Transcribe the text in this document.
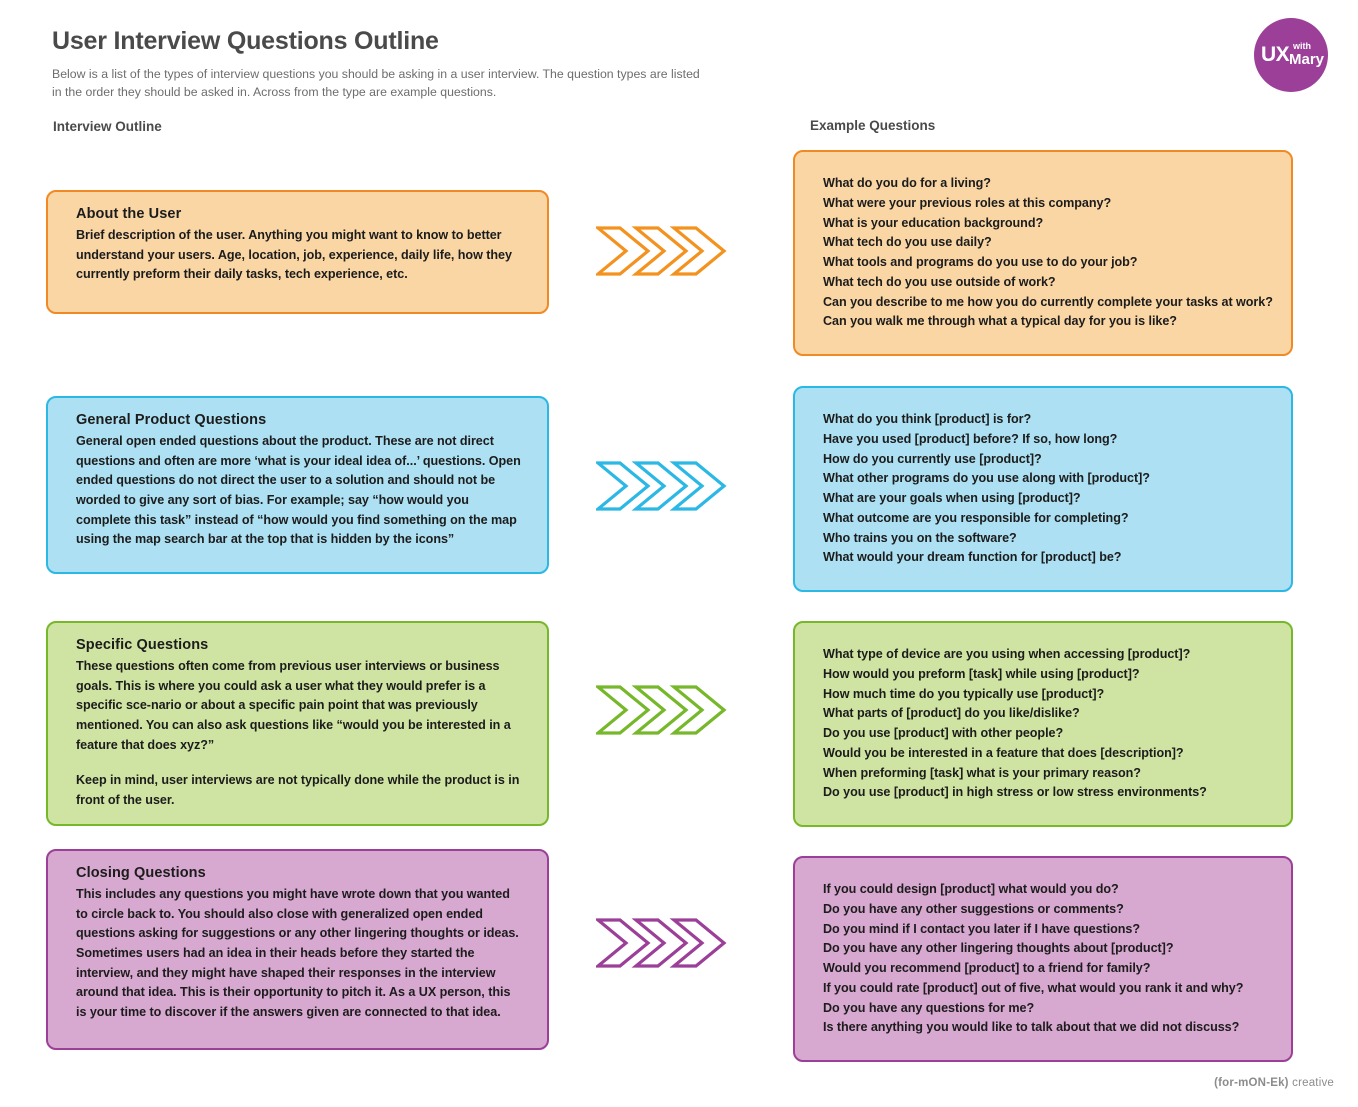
User Interview Questions Outline
Below is a list of the types of interview questions you should be asking in a user interview. The question types are listed in the order they should be asked in. Across from the type are example questions.
UX with
Mary
Interview Outline	Example Questions
About the User

Brief description of the user. Anything you might want to know to better understand your users. Age, location, job, experience, daily life, how they currently preform their daily tasks, tech experience, etc.

What do you do for a living?
What were your previous roles at this company?
What is your education background?
What tech do you use daily?
What tools and programs do you use to do your job?
What tech do you use outside of work?
Can you describe to me how you do currently complete your tasks at work?
Can you walk me through what a typical day for you is like?
General Product Questions

General open ended questions about the product. These are not direct questions and often are more ‘what is your ideal idea of...’ questions. Open ended questions do not direct the user to a solution and should not be worded to give any sort of bias. For example; say “how would you complete this task” instead of “how would you find something on the map using the map search bar at the top that is hidden by the icons”

What do you think [product] is for?
Have you used [product] before? If so, how long?
How do you currently use [product]?
What other programs do you use along with [product]?
What are your goals when using [product]?
What outcome are you responsible for completing?
Who trains you on the software?
What would your dream function for [product] be?
Specific Questions

These questions often come from previous user interviews or business goals. This is where you could ask a user what they would prefer is a specific sce-nario or about a specific pain point that was previously mentioned. You can also ask questions like “would you be interested in a feature that does xyz?”

Keep in mind, user interviews are not typically done while the product is in front of the user.

What type of device are you using when accessing [product]?
How would you preform [task] while using [product]?
How much time do you typically use [product]?
What parts of [product] do you like/dislike?
Do you use [product] with other people?
Would you be interested in a feature that does [description]?
When preforming [task] what is your primary reason?
Do you use [product] in high stress or low stress environments?
Closing Questions

This includes any questions you might have wrote down that you wanted to circle back to. You should also close with generalized open ended questions asking for suggestions or any other lingering thoughts or ideas. Sometimes users had an idea in their heads before they started the interview, and they might have shaped their responses in the interview around that idea. This is their opportunity to pitch it. As a UX person, this is your time to discover if the answers given are connected to that idea.

If you could design [product] what would you do?
Do you have any other suggestions or comments?
Do you mind if I contact you later if I have questions?
Do you have any other lingering thoughts about [product]?
Would you recommend [product] to a friend for family?
If you could rate [product] out of five, what would you rank it and why?
Do you have any questions for me?
Is there anything you would like to talk about that we did not discuss?
(for-mON-Ek) creative
